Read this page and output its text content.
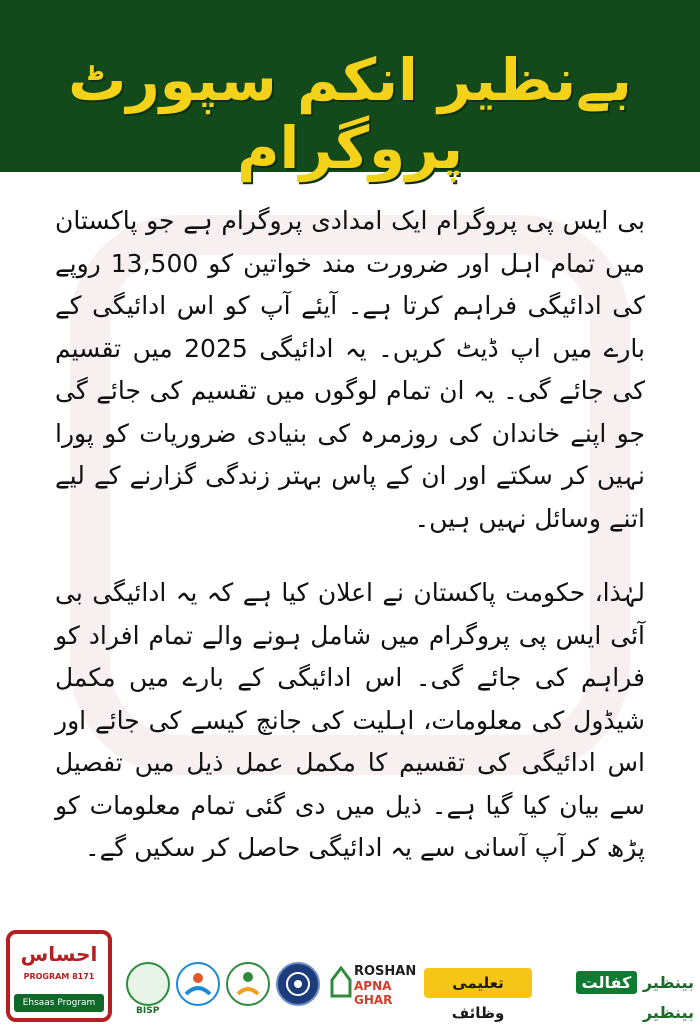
بےنظیر انکم سپورٹ پروگرام

بی ایس پی پروگرام ایک امدادی پروگرام ہے جو پاکستان میں تمام اہل اور ضرورت مند خواتین کو 13,500 روپے کی ادائیگی فراہم کرتا ہے۔ آیئے آپ کو اس ادائیگی کے بارے میں اپ ڈیٹ کریں۔ یہ ادائیگی 2025 میں تقسیم کی جائے گی۔ یہ ان تمام لوگوں میں تقسیم کی جائے گی جو اپنے خاندان کی روزمرہ کی بنیادی ضروریات کو پورا نہیں کر سکتے اور ان کے پاس بہتر زندگی گزارنے کے لیے اتنے وسائل نہیں ہیں۔

لہٰذا، حکومت پاکستان نے اعلان کیا ہے کہ یہ ادائیگی بی آئی ایس پی پروگرام میں شامل ہونے والے تمام افراد کو فراہم کی جائے گی۔ اس ادائیگی کے بارے میں مکمل شیڈول کی معلومات، اہلیت کی جانچ کیسے کی جائے اور اس ادائیگی کی تقسیم کا مکمل عمل ذیل میں تفصیل سے بیان کیا گیا ہے۔ ذیل میں دی گئی تمام معلومات کو پڑھ کر آپ آسانی سے یہ ادائیگی حاصل کر سکیں گے۔

احساس
PROGRAM 8171
Ehsaas Program
BISP
ROSHAN
APNA GHAR
تعلیمی وظائف
بینظیر کفالت بینظیر
